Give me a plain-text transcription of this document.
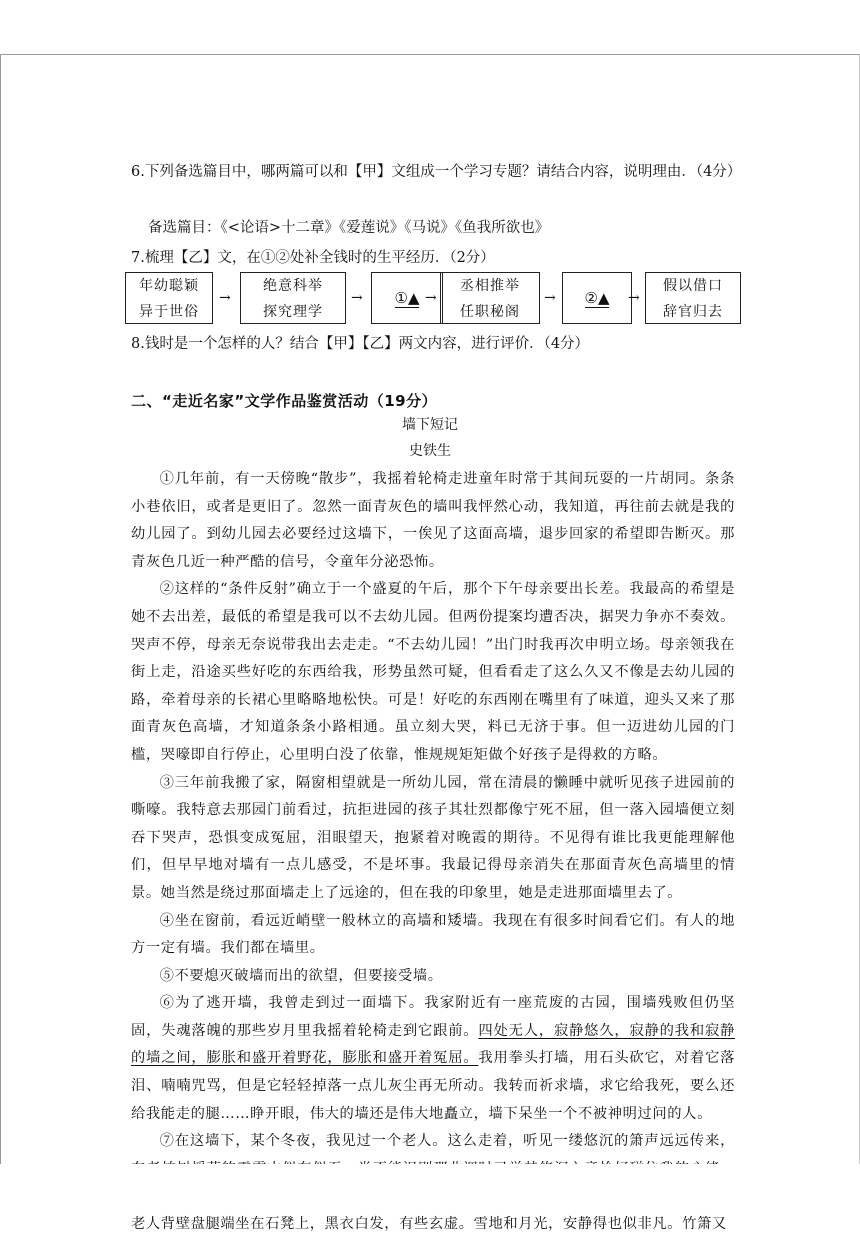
6.下列备选篇目中，哪两篇可以和【甲】文组成一个学习专题？请结合内容，说明理由．（4分）
备选篇目：《<论语>十二章》《爱莲说》《马说》《鱼我所欲也》
7.梳理【乙】文，在①②处补全钱时的生平经历．（2分）
年幼聪颖
异于世俗
→
绝意科举
探究理学
→	①▲ →
丞相推举
任职秘阁
→	②▲	→
假以借口
辞官归去
8.钱时是一个怎样的人？结合【甲】【乙】两文内容，进行评价．（4分）
二、“走近名家”文学作品鉴赏活动（19分）
墙下短记
史铁生

①几年前，有一天傍晚“散步”，我摇着轮椅走进童年时常于其间玩耍的一片胡同。条条小巷依旧，或者是更旧了。忽然一面青灰色的墙叫我怦然心动，我知道，再往前去就是我的幼儿园了。到幼儿园去必要经过这墙下，一俟见了这面高墙，退步回家的希望即告断灭。那青灰色几近一种严酷的信号，令童年分泌恐怖。

②这样的“条件反射”确立于一个盛夏的午后，那个下午母亲要出长差。我最高的希望是她不去出差，最低的希望是我可以不去幼儿园。但两份提案均遭否决，据哭力争亦不奏效。哭声不停，母亲无奈说带我出去走走。“不去幼儿园！”出门时我再次申明立场。母亲领我在街上走，沿途买些好吃的东西给我，形势虽然可疑，但看看走了这么久又不像是去幼儿园的路，牵着母亲的长裙心里略略地松快。可是！好吃的东西刚在嘴里有了味道，迎头又来了那面青灰色高墙，才知道条条小路相通。虽立刻大哭，料已无济于事。但一迈进幼儿园的门槛，哭嚎即自行停止，心里明白没了依靠，惟规规矩矩做个好孩子是得救的方略。

③三年前我搬了家，隔窗相望就是一所幼儿园，常在清晨的懒睡中就听见孩子进园前的嘶嚎。我特意去那园门前看过，抗拒进园的孩子其壮烈都像宁死不屈，但一落入园墙便立刻吞下哭声，恐惧变成冤屈，泪眼望天，抱紧着对晚霞的期待。不见得有谁比我更能理解他们，但早早地对墙有一点儿感受，不是坏事。我最记得母亲消失在那面青灰色高墙里的情景。她当然是绕过那面墙走上了远途的，但在我的印象里，她是走进那面墙里去了。

④坐在窗前，看远近峭壁一般林立的高墙和矮墙。我现在有很多时间看它们。有人的地方一定有墙。我们都在墙里。

⑤不要熄灭破墙而出的欲望，但要接受墙。

⑥为了逃开墙，我曾走到过一面墙下。我家附近有一座荒废的古园，围墙残败但仍坚固，失魂落魄的那些岁月里我摇着轮椅走到它跟前。四处无人，寂静悠久，寂静的我和寂静的墙之间，膨胀和盛开着野花，膨胀和盛开着冤屈。我用拳头打墙，用石头砍它，对着它落泪、喃喃咒骂，但是它轻轻掉落一点儿灰尘再无所动。我转而祈求墙，求它给我死，要么还给我能走的腿……睁开眼，伟大的墙还是伟大地矗立，墙下呆坐一个不被神明过问的人。

⑦在这墙下，某个冬夜，我见过一个老人。这么走着，听见一缕悠沉的箫声远远传来， 老人背壁盘腿端坐在石凳上，黑衣白发，有些玄虚。雪地和月光，安静得也似非凡。竹箫又
